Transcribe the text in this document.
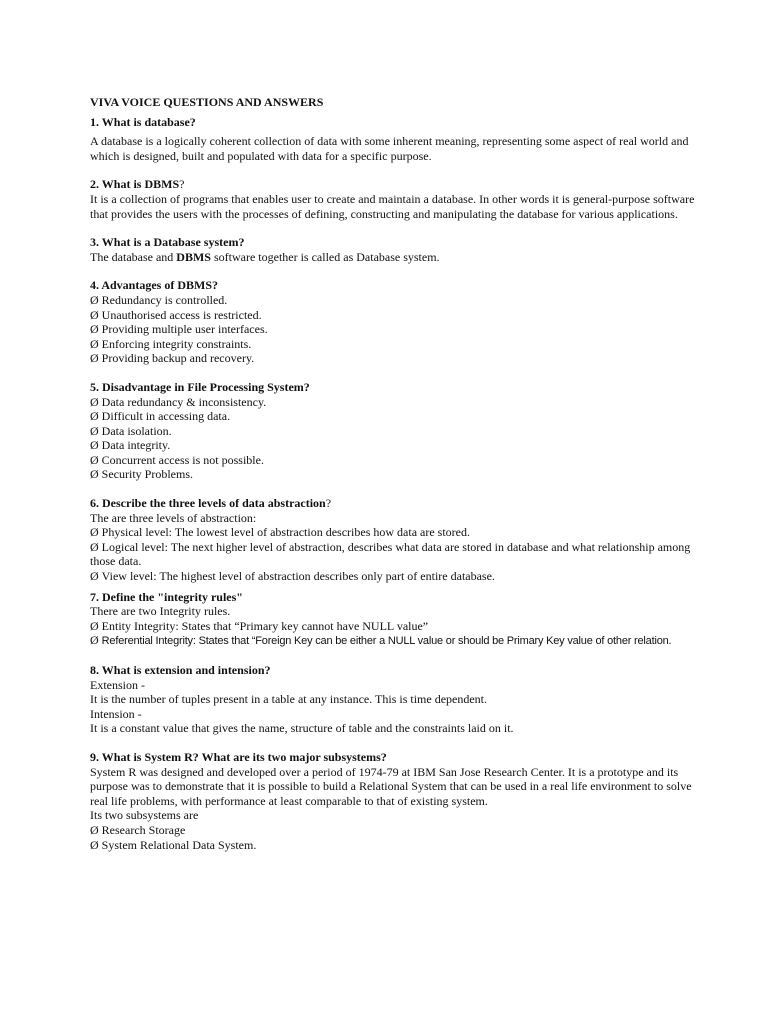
VIVA VOICE QUESTIONS AND ANSWERS
1. What is database?
A database is a logically coherent collection of data with some inherent meaning, representing some aspect of real world and which is designed, built and populated with data for a specific purpose.
2. What is DBMS?
It is a collection of programs that enables user to create and maintain a database. In other words it is general-purpose software that provides the users with the processes of defining, constructing and manipulating the database for various applications.
3. What is a Database system?
The database and DBMS software together is called as Database system.
4. Advantages of DBMS?
Ø Redundancy is controlled.
Ø Unauthorised access is restricted.
Ø Providing multiple user interfaces.
Ø Enforcing integrity constraints.
Ø Providing backup and recovery.
5. Disadvantage in File Processing System?
Ø Data redundancy & inconsistency.
Ø Difficult in accessing data.
Ø Data isolation.
Ø Data integrity.
Ø Concurrent access is not possible.
Ø Security Problems.
6. Describe the three levels of data abstraction?
The are three levels of abstraction:
Ø Physical level: The lowest level of abstraction describes how data are stored.
Ø Logical level: The next higher level of abstraction, describes what data are stored in database and what relationship among those data.
Ø View level: The highest level of abstraction describes only part of entire database.
7. Define the "integrity rules"
There are two Integrity rules.
Ø Entity Integrity: States that “Primary key cannot have NULL value”
Ø Referential Integrity: States that “Foreign Key can be either a NULL value or should be Primary Key value of other relation.
8. What is extension and intension?
Extension -
It is the number of tuples present in a table at any instance. This is time dependent.
Intension -
It is a constant value that gives the name, structure of table and the constraints laid on it.
9. What is System R? What are its two major subsystems?
System R was designed and developed over a period of 1974-79 at IBM San Jose Research Center. It is a prototype and its purpose was to demonstrate that it is possible to build a Relational System that can be used in a real life environment to solve real life problems, with performance at least comparable to that of existing system.
Its two subsystems are
Ø Research Storage
Ø System Relational Data System.
